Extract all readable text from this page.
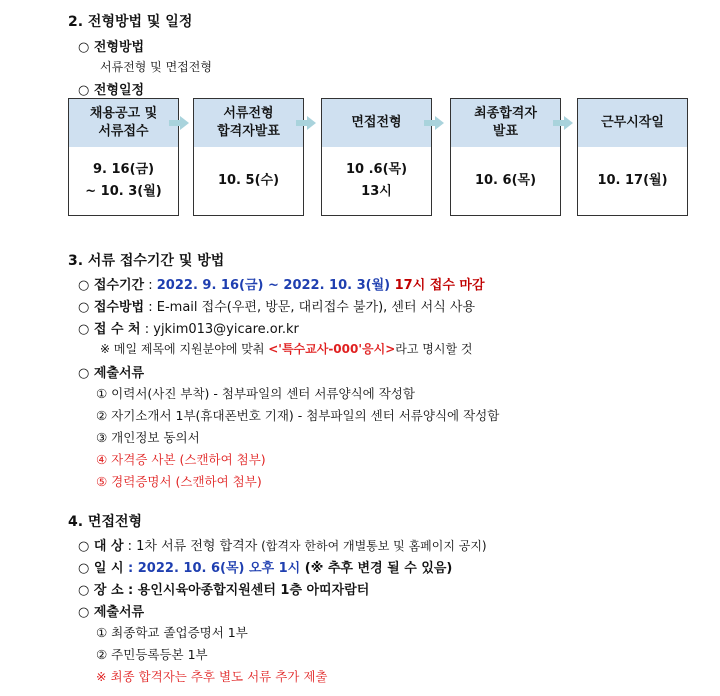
2. 전형방법 및 일정
○ 전형방법
서류전형 및 면접전형
○ 전형일정
채용공고 및
서류접수
9. 16(금)
~ 10. 3(월)
서류전형
합격자발표
10. 5(수)
면접전형
10 .6(목)
13시
최종합격자
발표
10. 6(목)
근무시작일
10. 17(월)
3. 서류 접수기간 및 방법
○ 접수기간 : 2022. 9. 16(금) ~ 2022. 10. 3(월) 17시 접수 마감
○ 접수방법 : E-mail 접수(우편, 방문, 대리접수 불가), 센터 서식 사용
○ 접 수 처 : yjkim013@yicare.or.kr
※ 메일 제목에 지원분야에 맞춰 <'특수교사-000'응시>라고 명시할 것
○ 제출서류
① 이력서(사진 부착) - 첨부파일의 센터 서류양식에 작성함
② 자기소개서 1부(휴대폰번호 기재) - 첨부파일의 센터 서류양식에 작성함
③ 개인정보 동의서
④ 자격증 사본 (스캔하여 첨부)
⑤ 경력증명서 (스캔하여 첨부)
4. 면접전형
○ 대 상 : 1차 서류 전형 합격자 (합격자 한하여 개별통보 및 홈페이지 공지)
○ 일 시 : 2022. 10. 6(목) 오후 1시 (※ 추후 변경 될 수 있음)
○ 장 소 : 용인시육아종합지원센터 1층 아띠자람터
○ 제출서류
① 최종학교 졸업증명서 1부
② 주민등록등본 1부
※ 최종 합격자는 추후 별도 서류 추가 제출
